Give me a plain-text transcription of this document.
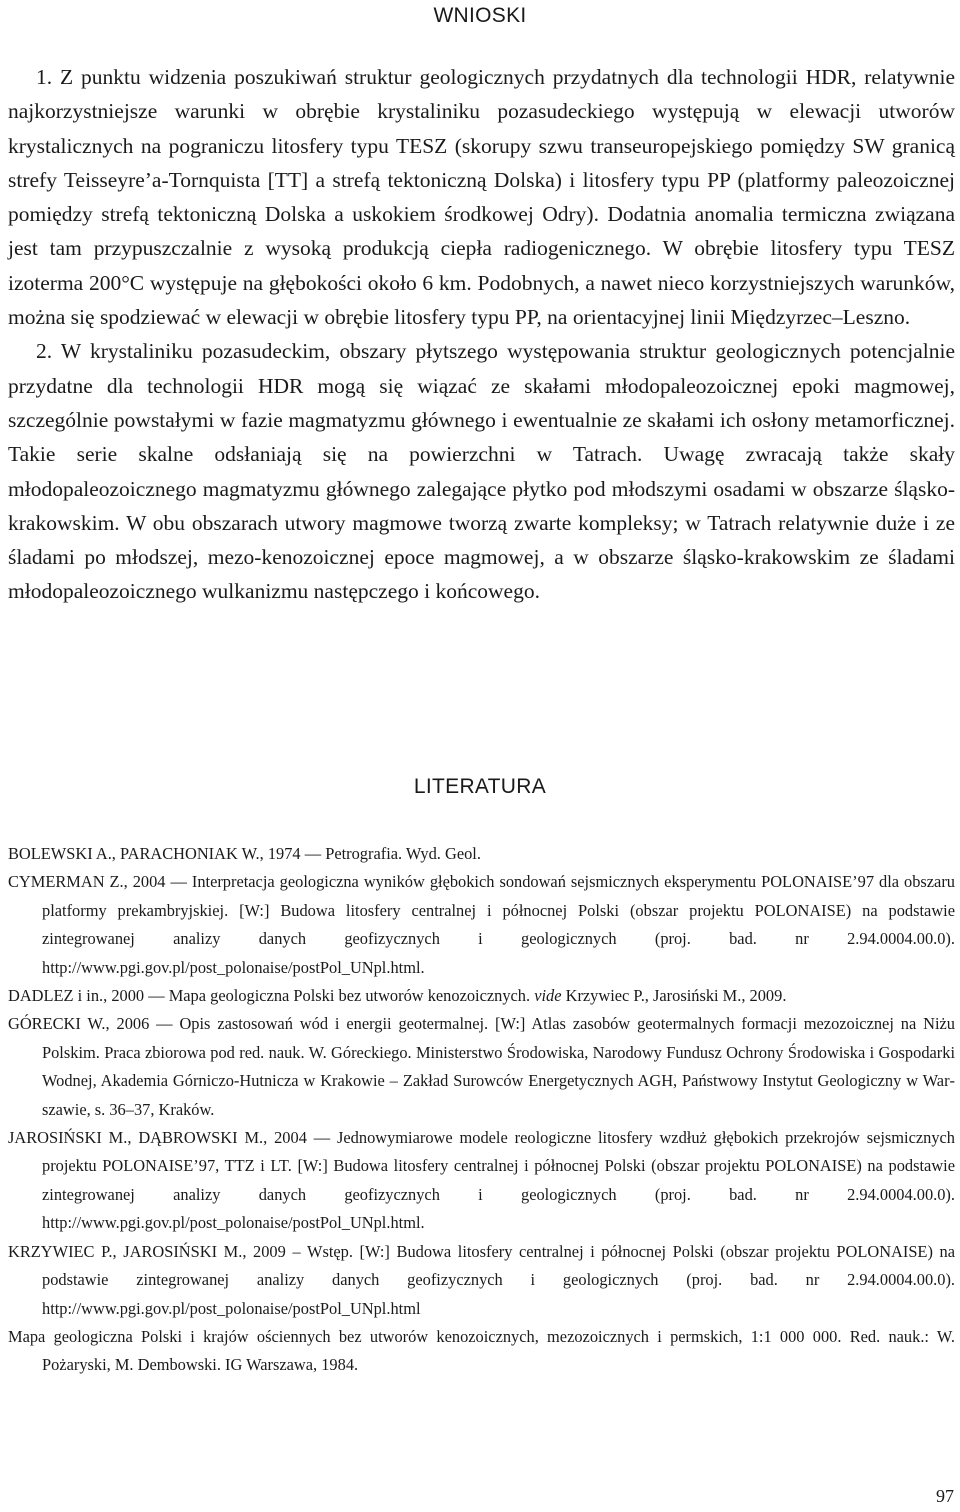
WNIOSKI

1. Z punktu widzenia poszukiwań struktur geologicznych przydatnych dla technologii HDR, relatywnie najkorzystniejsze warunki w obrębie krystaliniku pozasudeckiego występują w elewacji utworów krystalicznych na pograniczu litosfery typu TESZ (skorupy szwu transeuropejskiego pomiędzy SW granicą strefy Teisseyre’a-Tornquista [TT] a strefą tektoniczną Dolska) i litosfery typu PP (platformy paleozoicznej pomiędzy strefą tektoniczną Dolska a uskokiem środkowej Odry). Dodatnia anomalia termiczna związana jest tam przypuszczalnie z wysoką produkcją ciepła radiogenicznego. W obrębie litosfery typu TESZ izoterma 200°C występuje na głębokości około 6 km. Podobnych, a nawet nieco korzystniejszych warunków, można się spodziewać w elewacji w obrębie litosfery typu PP, na orientacyjnej linii Międzyrzec–Leszno.

2. W krystaliniku pozasudeckim, obszary płytszego występowania struktur geologicznych potencjalnie przydatne dla technologii HDR mogą się wiązać ze skałami młodopaleozoicznej epoki magmowej, szczególnie powstałymi w fazie magmatyzmu głównego i ewentualnie ze skałami ich osłony metamorficznej. Takie serie skalne odsłaniają się na powierzchni w Tatrach. Uwagę zwracają także skały młodopaleozoicznego magmatyzmu głównego zalegające płytko pod młodszymi osadami w obszarze śląsko-krakowskim. W obu obszarach utwory magmowe tworzą zwarte kompleksy; w Tatrach relatywnie duże i ze śladami po młodszej, mezo-kenozoicznej epoce magmowej, a w obszarze śląsko-krakowskim ze śladami młodopaleozoicznego wulkanizmu następczego i końcowego.

LITERATURA

BOLEWSKI A., PARACHONIAK W., 1974 — Petrografia. Wyd. Geol.

CYMERMAN Z., 2004 — Interpretacja geologiczna wyników głębokich sondowań sejsmicznych eksperymentu POLONAISE’97 dla obszaru platformy prekambryjskiej. [W:] Budowa litosfery centralnej i północnej Polski (obszar projektu POLONAISE) na podstawie zintegrowanej analizy danych geofizycznych i geologicznych (proj. bad. nr 2.94.0004.00.0). http://www.pgi.gov.pl/post_polonaise/postPol_UNpl.html.

DADLEZ i in., 2000 — Mapa geologiczna Polski bez utworów kenozoicznych. vide Krzywiec P., Jarosiński M., 2009.

GÓRECKI W., 2006 — Opis zastosowań wód i energii geotermalnej. [W:] Atlas zasobów geotermalnych formacji mezozoicznej na Niżu Polskim. Praca zbiorowa pod red. nauk. W. Góreckiego. Ministerstwo Środowiska, Narodowy Fundusz Ochrony Środowiska i Gospodarki Wodnej, Akademia Górniczo-Hutnicza w Krakowie – Zakład Surowców Energetycznych AGH, Państwowy Instytut Geologiczny w Warszawie, s. 36–37, Kraków.

JAROSIŃSKI M., DĄBROWSKI M., 2004 — Jednowymiarowe modele reologiczne litosfery wzdłuż głębokich przekrojów sejsmicznych projektu POLONAISE’97, TTZ i LT. [W:] Budowa litosfery centralnej i północnej Polski (obszar projektu POLONAISE) na podstawie zintegrowanej analizy danych geofizycznych i geologicznych (proj. bad. nr 2.94.0004.00.0). http://www.pgi.gov.pl/post_polonaise/postPol_UNpl.html.

KRZYWIEC P., JAROSIŃSKI M., 2009 – Wstęp. [W:] Budowa litosfery centralnej i północnej Polski (obszar projektu POLONAISE) na podstawie zintegrowanej analizy danych geofizycznych i geologicznych (proj. bad. nr 2.94.0004.00.0). http://www.pgi.gov.pl/post_polonaise/postPol_UNpl.html

Mapa geologiczna Polski i krajów ościennych bez utworów kenozoicznych, mezozoicznych i permskich, 1:1 000 000. Red. nauk.: W. Pożaryski, M. Dembowski. IG Warszawa, 1984.

97
